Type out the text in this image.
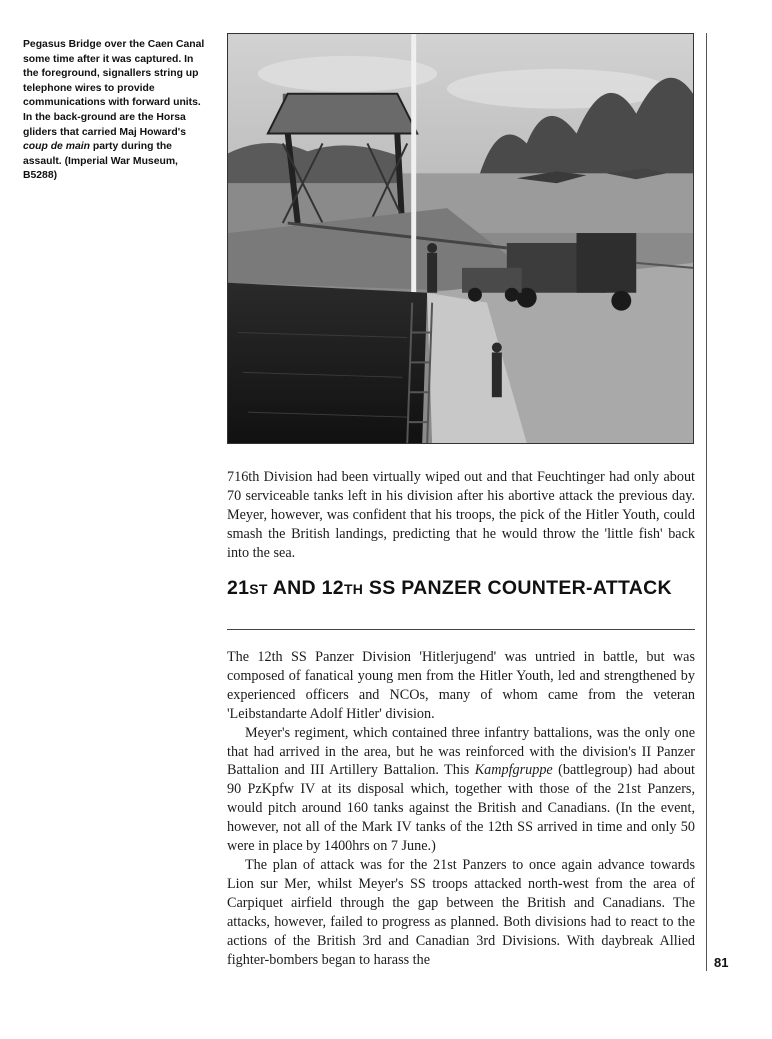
Pegasus Bridge over the Caen Canal some time after it was captured. In the foreground, signallers string up telephone wires to provide communications with forward units. In the back-ground are the Horsa gliders that carried Maj Howard's coup de main party during the assault. (Imperial War Museum, B5288)

716th Division had been virtually wiped out and that Feuchtinger had only about 70 serviceable tanks left in his division after his abortive attack the previous day. Meyer, however, was confident that his troops, the pick of the Hitler Youth, could smash the British landings, predicting that he would throw the 'little fish' back into the sea.

21ST AND 12TH SS PANZER COUNTER-ATTACK

The 12th SS Panzer Division 'Hitlerjugend' was untried in battle, but was composed of fanatical young men from the Hitler Youth, led and strengthened by experienced officers and NCOs, many of whom came from the veteran 'Leibstandarte Adolf Hitler' division.

Meyer's regiment, which contained three infantry battalions, was the only one that had arrived in the area, but he was reinforced with the division's II Panzer Battalion and III Artillery Battalion. This Kampfgruppe (battlegroup) had about 90 PzKpfw IV at its disposal which, together with those of the 21st Panzers, would pitch around 160 tanks against the British and Canadians. (In the event, however, not all of the Mark IV tanks of the 12th SS arrived in time and only 50 were in place by 1400hrs on 7 June.)

The plan of attack was for the 21st Panzers to once again advance towards Lion sur Mer, whilst Meyer's SS troops attacked north-west from the area of Carpiquet airfield through the gap between the British and Canadians. The attacks, however, failed to progress as planned. Both divisions had to react to the actions of the British 3rd and Canadian 3rd Divisions. With daybreak Allied fighter-bombers began to harass the	81
